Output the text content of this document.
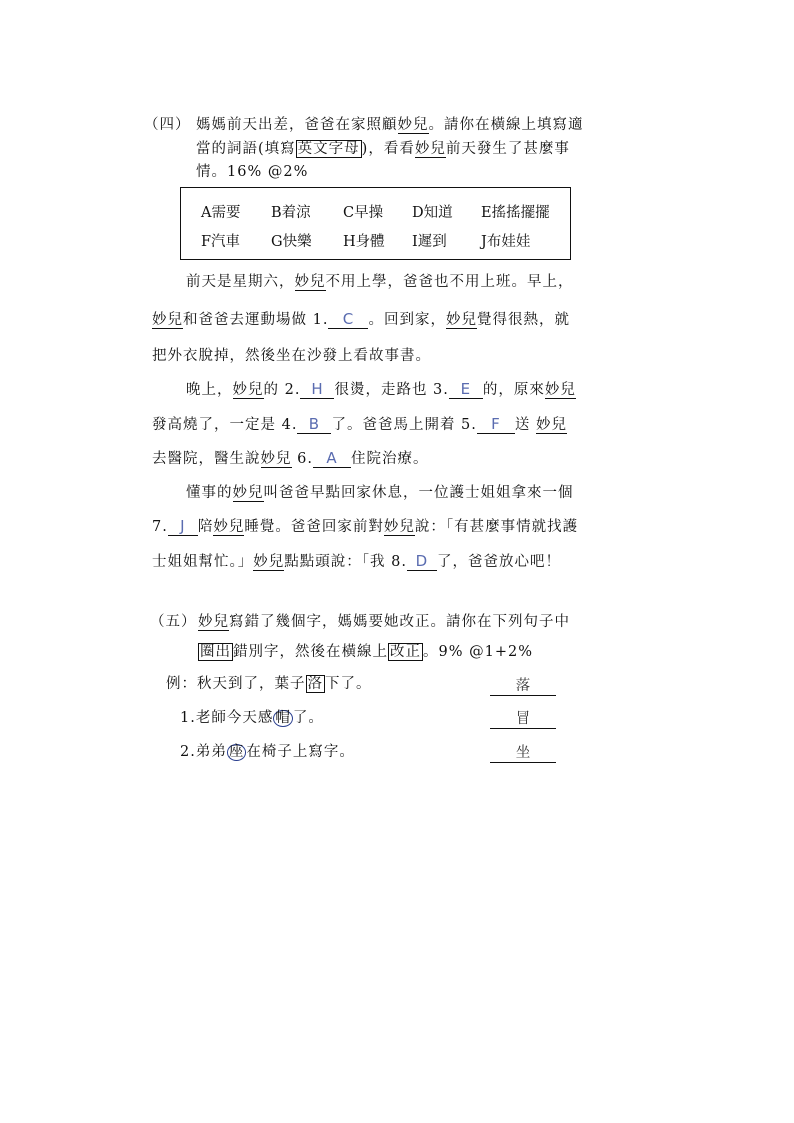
（四） 媽媽前天出差，爸爸在家照顧妙兒。請你在橫線上填寫適
當的詞語(填寫 英文字母 )，看看妙兒前天發生了甚麼事
情。16% @2%
A需要 B着涼 C早操 D知道 E搖搖擺擺
F汽車 G快樂 H身體 I遲到 J布娃娃
前天是星期六，妙兒不用上學，爸爸也不用上班。早上，
妙兒和爸爸去運動場做 1. C 。回到家，妙兒覺得很熱，就
把外衣脫掉，然後坐在沙發上看故事書。
晚上，妙兒的 2. H 很燙，走路也 3. E 的，原來妙兒
發高燒了，一定是 4. B 了。爸爸馬上開着 5. F 送 妙兒
去醫院，醫生說妙兒 6. A 住院治療。
懂事的妙兒叫爸爸早點回家休息，一位護士姐姐拿來一個
7. J 陪妙兒睡覺。爸爸回家前對妙兒說：「有甚麼事情就找護
士姐姐幫忙。」妙兒點點頭說：「我 8. D 了，爸爸放心吧！
（五） 妙兒寫錯了幾個字，媽媽要她改正。請你在下列句子中
圈出 錯別字，然後在橫線上 改正 。9% @1+2%
例：秋天到了，葉子 洛 下了。	落
1.老師今天感 帽 了。	冒
2.弟弟 座 在椅子上寫字。	坐
